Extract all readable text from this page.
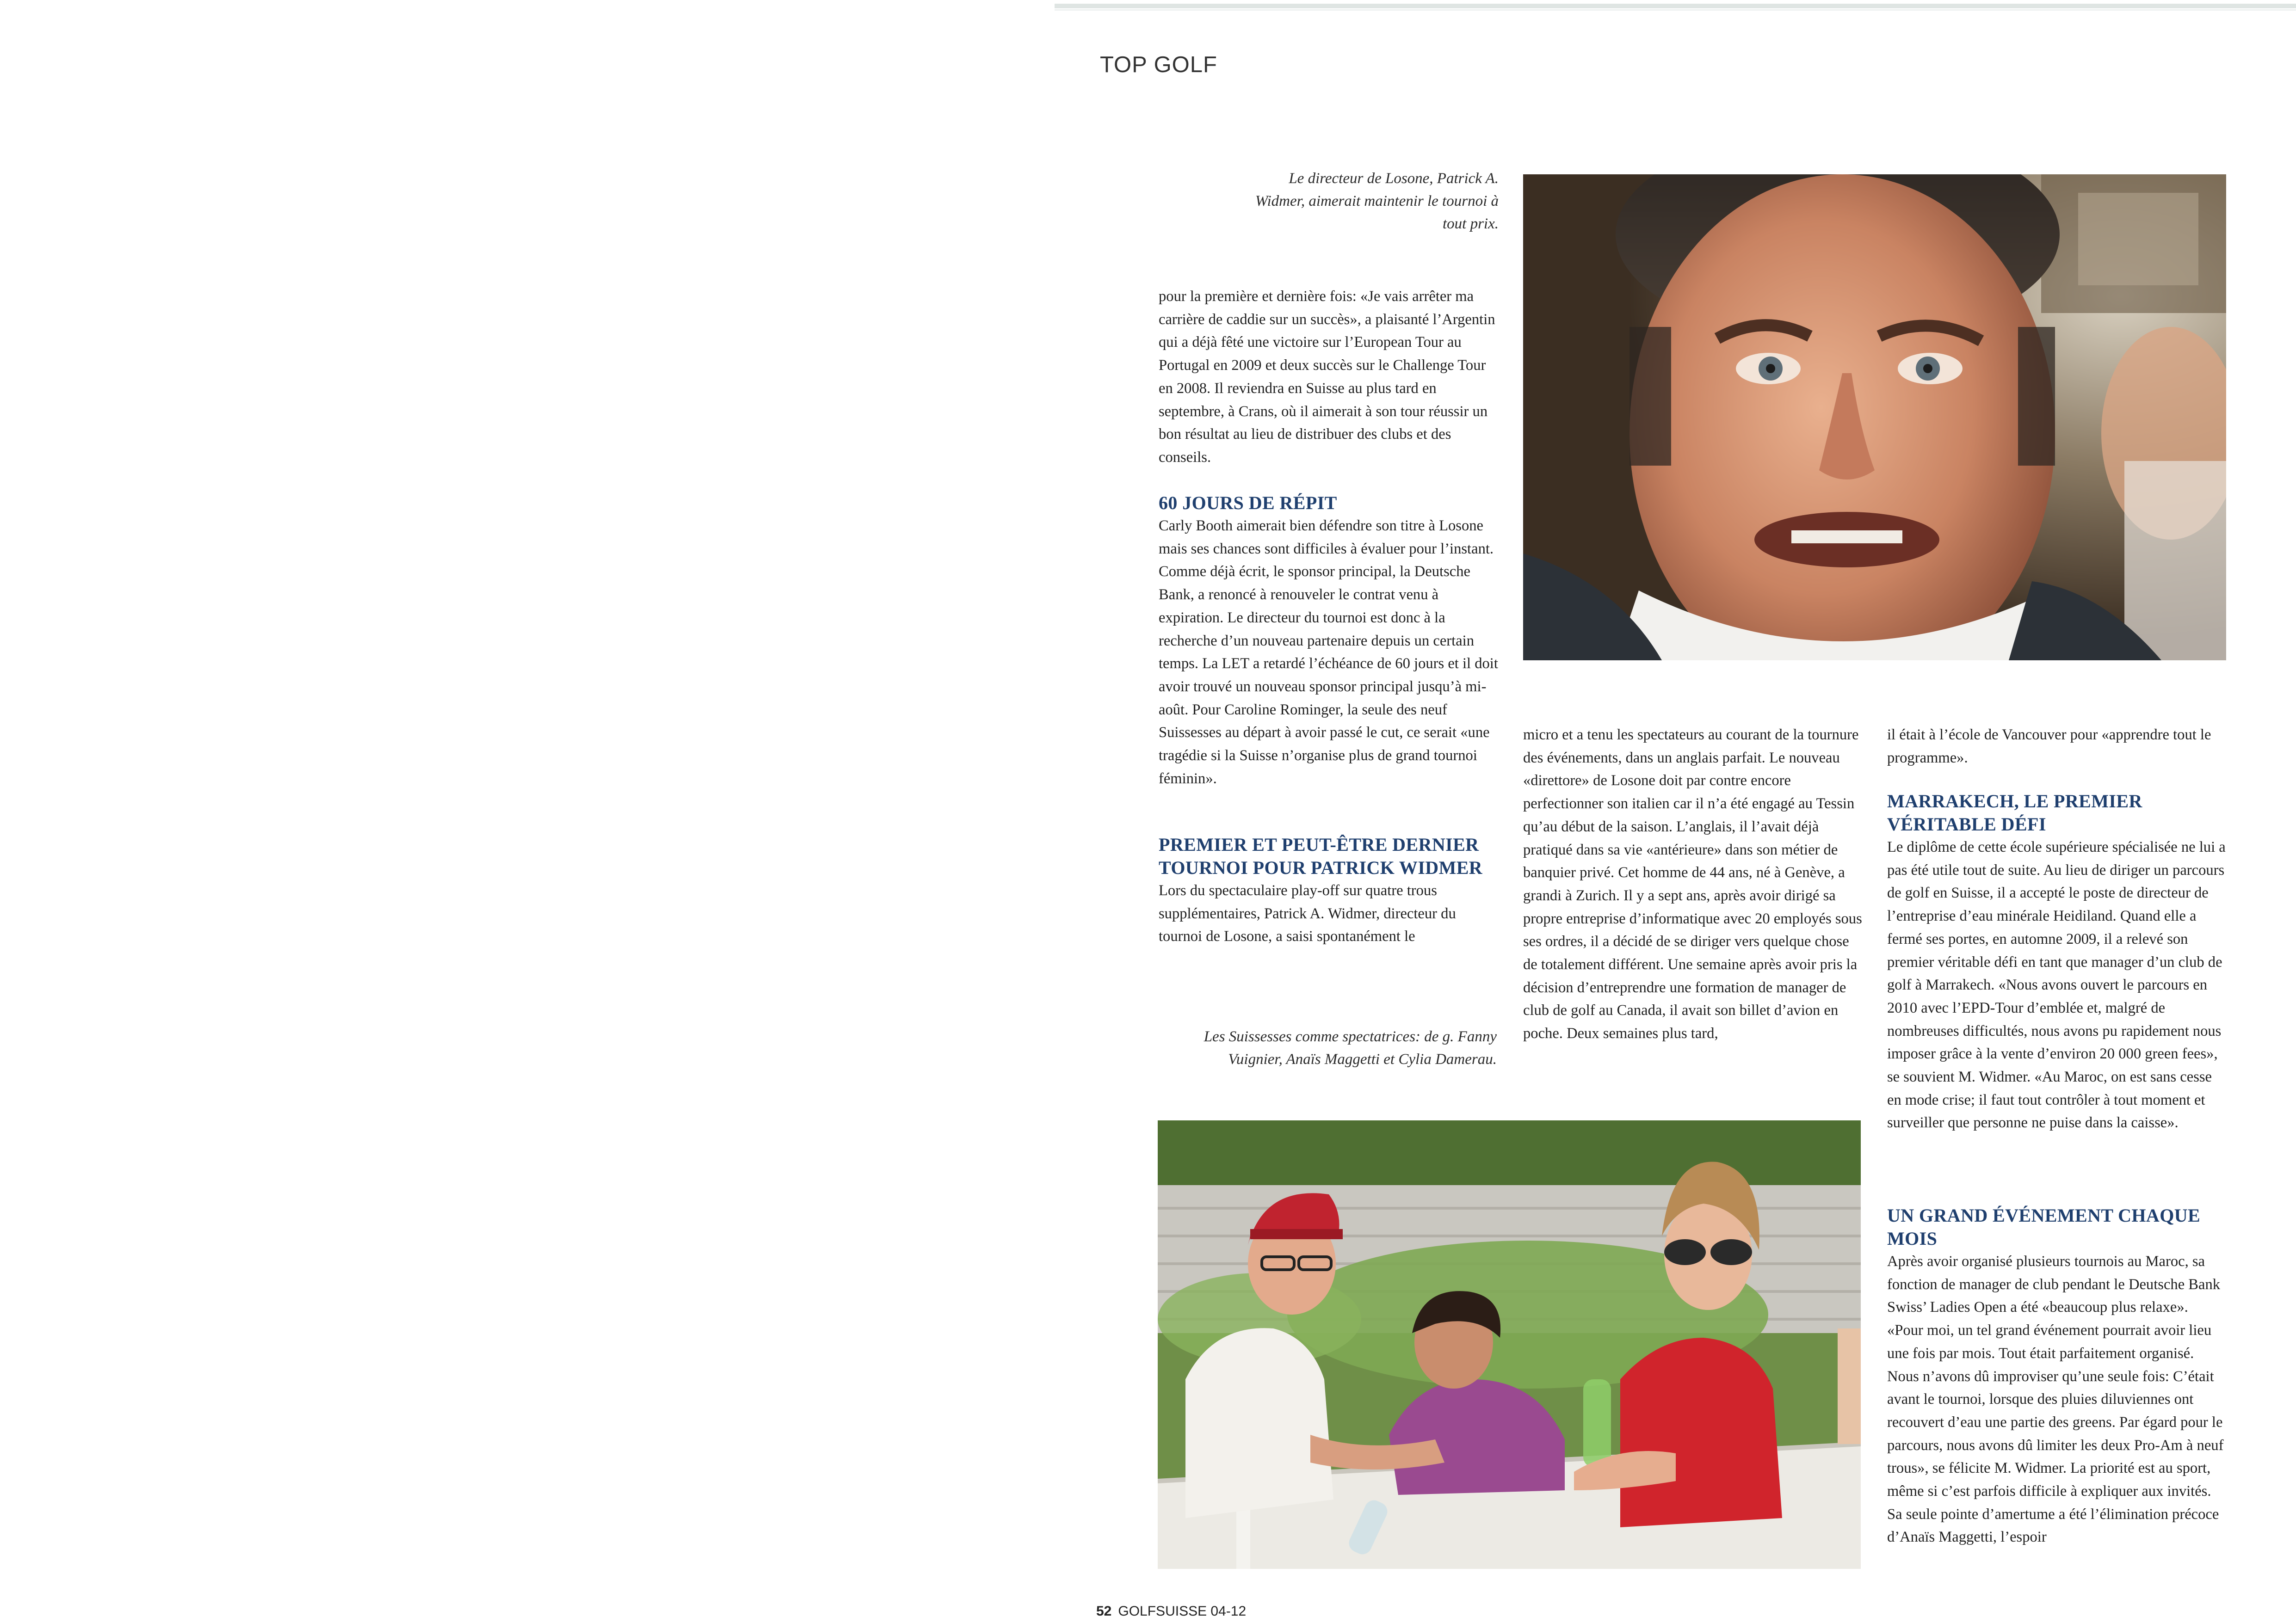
TOP GOLF
Le directeur de Losone, Patrick A. Widmer, aimerait maintenir le tournoi à tout prix.

pour la première et dernière fois: «Je vais arrêter ma carrière de caddie sur un succès», a plaisanté l’Argentin qui a déjà fêté une victoire sur l’European Tour au Portugal en 2009 et deux succès sur le Challenge Tour en 2008. Il reviendra en Suisse au plus tard en septembre, à Crans, où il aimerait à son tour réussir un bon résultat au lieu de distribuer des clubs et des conseils.

60 JOURS DE RÉPIT

Carly Booth aimerait bien défendre son titre à Losone mais ses chances sont difficiles à évaluer pour l’instant. Comme déjà écrit, le sponsor principal, la Deutsche Bank, a renoncé à renouveler le contrat venu à expiration. Le directeur du tournoi est donc à la recherche d’un nouveau partenaire depuis un certain temps. La LET a retardé l’échéance de 60 jours et il doit avoir trouvé un nouveau sponsor principal jusqu’à mi-août. Pour Caroline Rominger, la seule des neuf Suissesses au départ à avoir passé le cut, ce serait «une tragédie si la Suisse n’organise plus de grand tournoi féminin».

PREMIER ET PEUT-ÊTRE DERNIER TOURNOI POUR PATRICK WIDMER

Lors du spectaculaire play-off sur quatre trous supplémentaires, Patrick A. Widmer, directeur du tournoi de Losone, a saisi spontanément le

Les Suissesses comme spectatrices: de g. Fanny Vuignier, Anaïs Maggetti et Cylia Damerau.

micro et a tenu les spectateurs au courant de la tournure des événements, dans un anglais parfait. Le nouveau «direttore» de Losone doit par contre encore perfectionner son italien car il n’a été engagé au Tessin qu’au début de la saison. L’anglais, il l’avait déjà pratiqué dans sa vie «antérieure» dans son métier de banquier privé. Cet homme de 44 ans, né à Genève, a grandi à Zurich. Il y a sept ans, après avoir dirigé sa propre entreprise d’informatique avec 20 employés sous ses ordres, il a décidé de se diriger vers quelque chose de totalement différent. Une semaine après avoir pris la décision d’entreprendre une formation de manager de club de golf au Canada, il avait son billet d’avion en poche. Deux semaines plus tard,

il était à l’école de Vancouver pour «apprendre tout le programme».

MARRAKECH, LE PREMIER VÉRITABLE DÉFI

Le diplôme de cette école supérieure spécialisée ne lui a pas été utile tout de suite. Au lieu de diriger un parcours de golf en Suisse, il a accepté le poste de directeur de l’entreprise d’eau minérale Heidiland. Quand elle a fermé ses portes, en automne 2009, il a relevé son premier véritable défi en tant que manager d’un club de golf à Marrakech. «Nous avons ouvert le parcours en 2010 avec l’EPD-Tour d’emblée et, malgré de nombreuses difficultés, nous avons pu rapidement nous imposer grâce à la vente d’environ 20 000 green fees», se souvient M. Widmer. «Au Maroc, on est sans cesse en mode crise; il faut tout contrôler à tout moment et surveiller que personne ne puise dans la caisse».

UN GRAND ÉVÉNEMENT CHAQUE MOIS

Après avoir organisé plusieurs tournois au Maroc, sa fonction de manager de club pendant le Deutsche Bank Swiss’ Ladies Open a été «beaucoup plus relaxe». «Pour moi, un tel grand événement pourrait avoir lieu une fois par mois. Tout était parfaitement organisé. Nous n’avons dû improviser qu’une seule fois: C’était avant le tournoi, lorsque des pluies diluviennes ont recouvert d’eau une partie des greens. Par égard pour le parcours, nous avons dû limiter les deux Pro-Am à neuf trous», se félicite M. Widmer. La priorité est au sport, même si c’est parfois difficile à expliquer aux invités. Sa seule pointe d’amertume a été l’élimination précoce d’Anaïs Maggetti, l’espoir

52 GOLFSUISSE 04-12
